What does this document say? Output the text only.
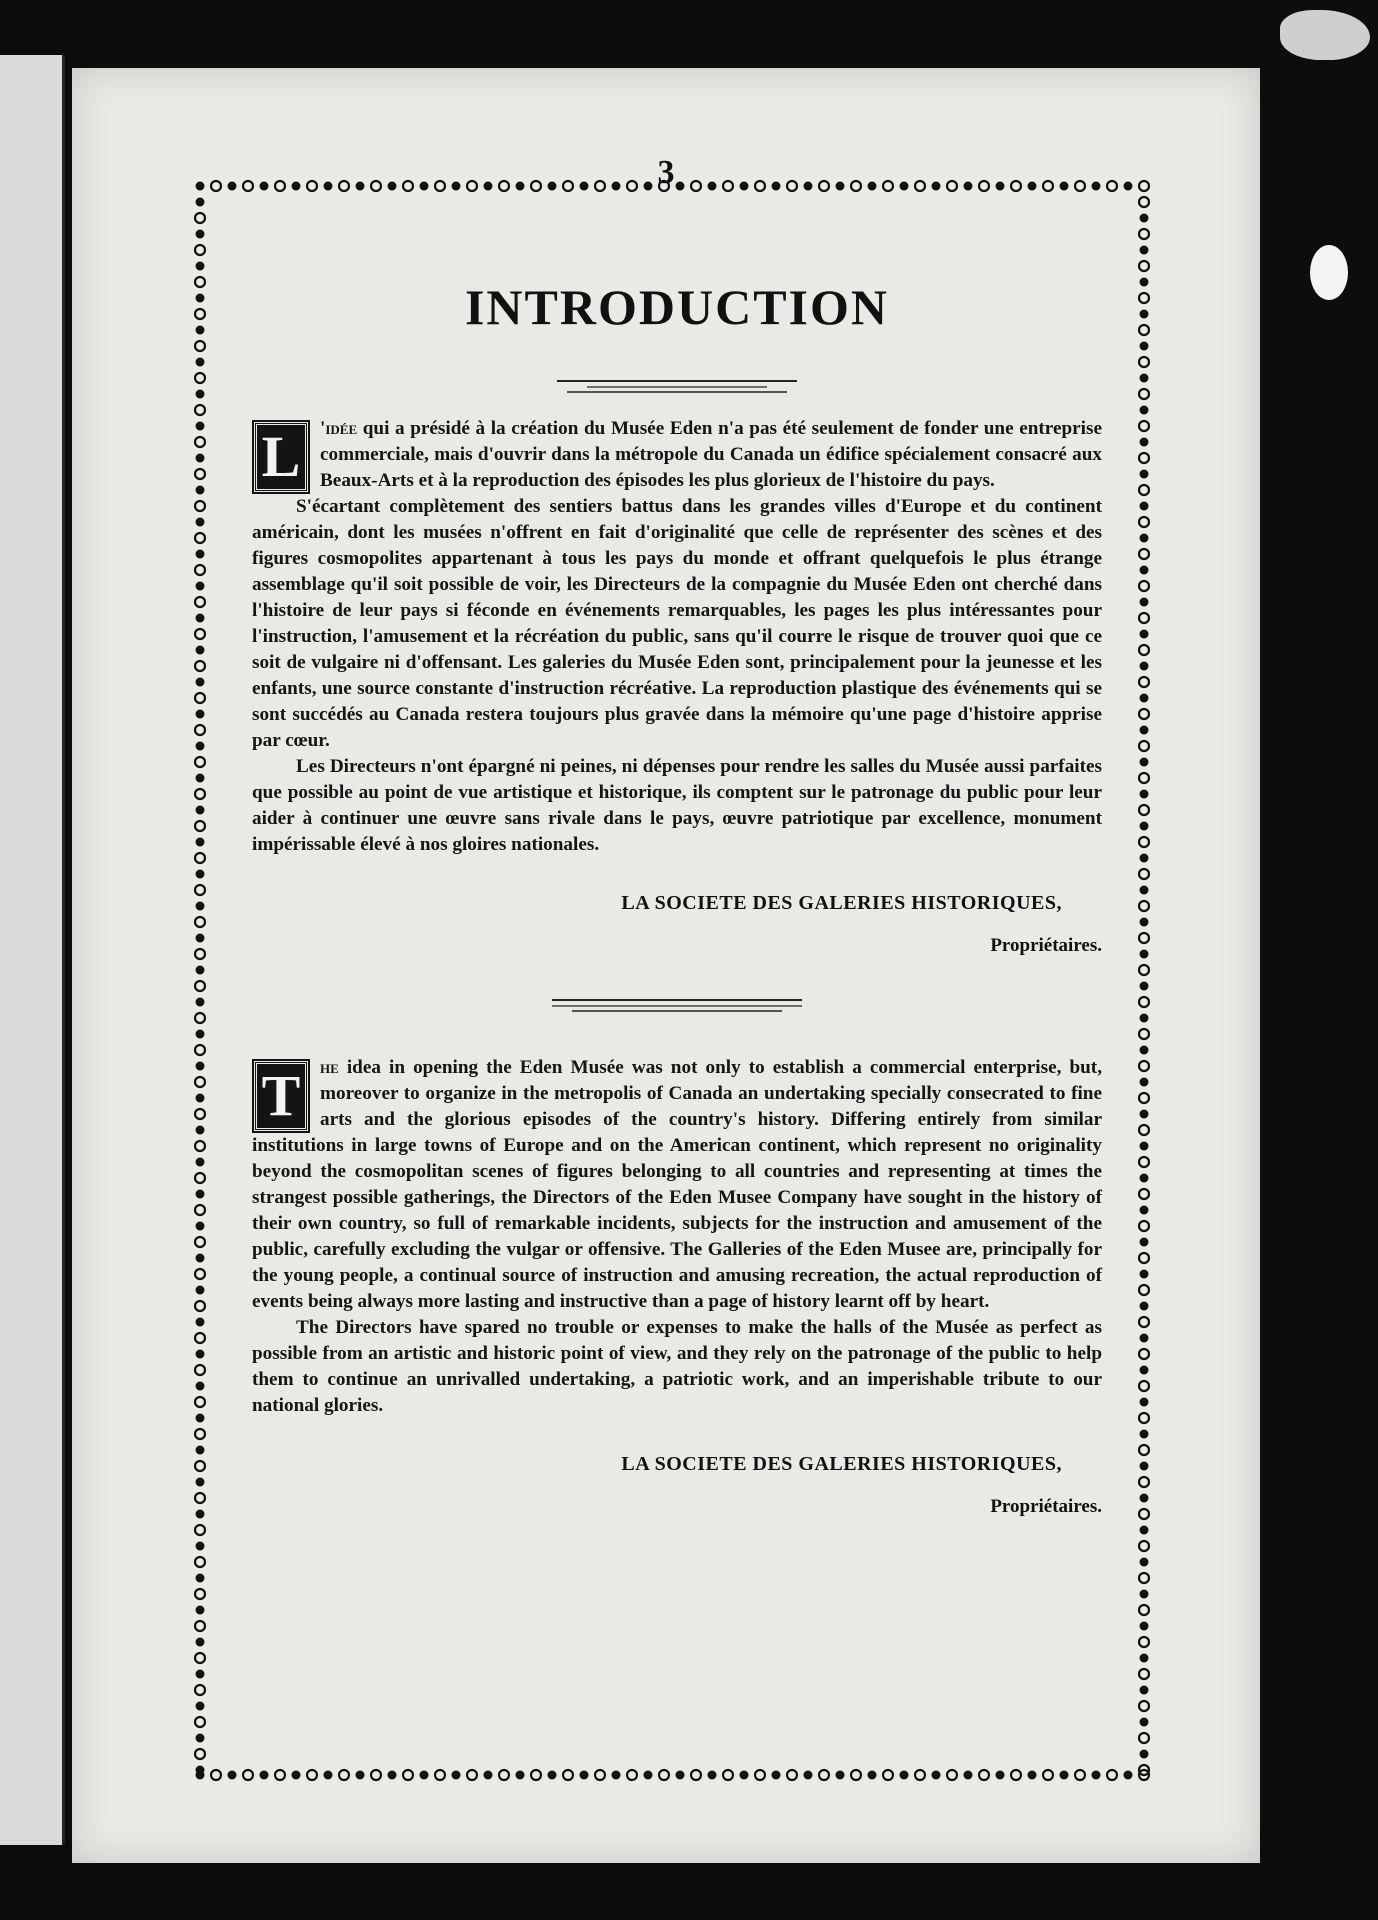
3
INTRODUCTION

L	'idée qui a présidé à la création du Musée Eden n'a pas été seulement de fonder une entreprise commerciale, mais d'ouvrir dans la métropole du Canada un édifice spécialement consacré aux Beaux-Arts et à la reproduction des épisodes les plus glorieux de l'histoire du pays.

S'écartant complètement des sentiers battus dans les grandes villes d'Europe et du continent américain, dont les musées n'offrent en fait d'originalité que celle de représenter des scènes et des figures cosmopolites appartenant à tous les pays du monde et offrant quelquefois le plus étrange assemblage qu'il soit possible de voir, les Directeurs de la compagnie du Musée Eden ont cherché dans l'histoire de leur pays si féconde en événements remarquables, les pages les plus intéressantes pour l'instruction, l'amusement et la récréation du public, sans qu'il courre le risque de trouver quoi que ce soit de vulgaire ni d'offensant. Les galeries du Musée Eden sont, principalement pour la jeunesse et les enfants, une source constante d'instruction récréative. La reproduction plastique des événements qui se sont succédés au Canada restera toujours plus gravée dans la mémoire qu'une page d'histoire apprise par cœur.

Les Directeurs n'ont épargné ni peines, ni dépenses pour rendre les salles du Musée aussi parfaites que possible au point de vue artistique et historique, ils comptent sur le patronage du public pour leur aider à continuer une œuvre sans rivale dans le pays, œuvre patriotique par excellence, monument impérissable élevé à nos gloires nationales.

LA SOCIETE DES GALERIES HISTORIQUES,
Propriétaires.

T	he idea in opening the Eden Musée was not only to establish a commercial enterprise, but, moreover to organize in the metropolis of Canada an undertaking specially consecrated to fine arts and the glorious episodes of the country's history. Differing entirely from similar institutions in large towns of Europe and on the American continent, which represent no originality beyond the cosmopolitan scenes of figures belonging to all countries and representing at times the strangest possible gatherings, the Directors of the Eden Musee Company have sought in the history of their own country, so full of remarkable incidents, subjects for the instruction and amusement of the public, carefully excluding the vulgar or offensive. The Galleries of the Eden Musee are, principally for the young people, a continual source of instruction and amusing recreation, the actual reproduction of events being always more lasting and instructive than a page of history learnt off by heart.

The Directors have spared no trouble or expenses to make the halls of the Musée as perfect as possible from an artistic and historic point of view, and they rely on the patronage of the public to help them to continue an unrivalled undertaking, a patriotic work, and an imperishable tribute to our national glories.

LA SOCIETE DES GALERIES HISTORIQUES,
Propriétaires.
